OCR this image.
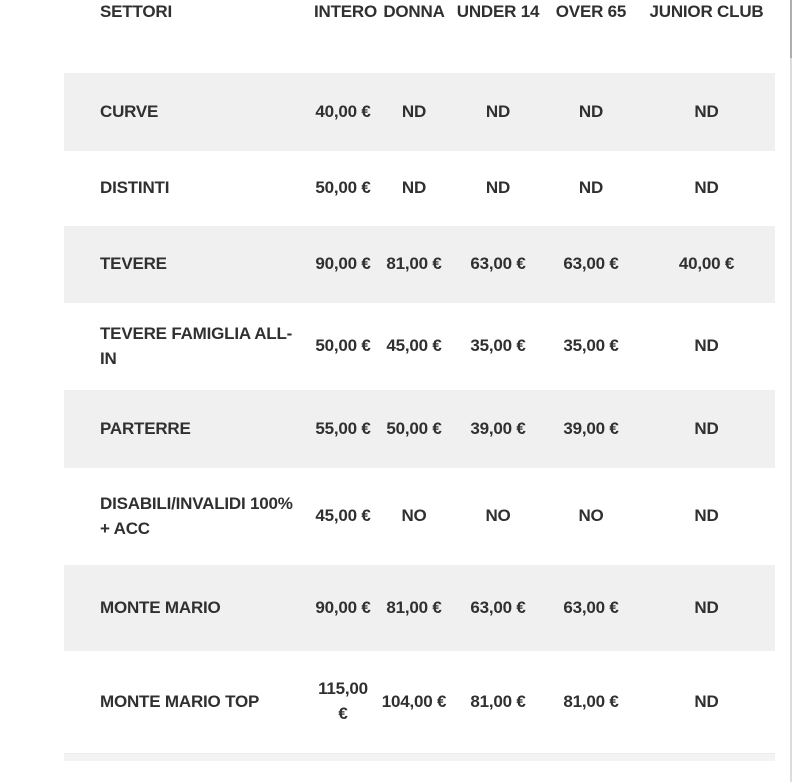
SETTORI	INTERO	DONNA	UNDER 14	OVER 65	JUNIOR CLUB
CURVE	40,00 €	ND	ND	ND	ND
DISTINTI	50,00 €	ND	ND	ND	ND
TEVERE	90,00 €	81,00 €	63,00 €	63,00 €	40,00 €
TEVERE FAMIGLIA ALL-IN	50,00 €	45,00 €	35,00 €	35,00 €	ND
PARTERRE	55,00 €	50,00 €	39,00 €	39,00 €	ND
DISABILI/INVALIDI 100% + ACC	45,00 €	NO	NO	NO	ND
MONTE MARIO	90,00 €	81,00 €	63,00 €	63,00 €	ND
MONTE MARIO TOP	115,00 €	104,00 €	81,00 €	81,00 €	ND
